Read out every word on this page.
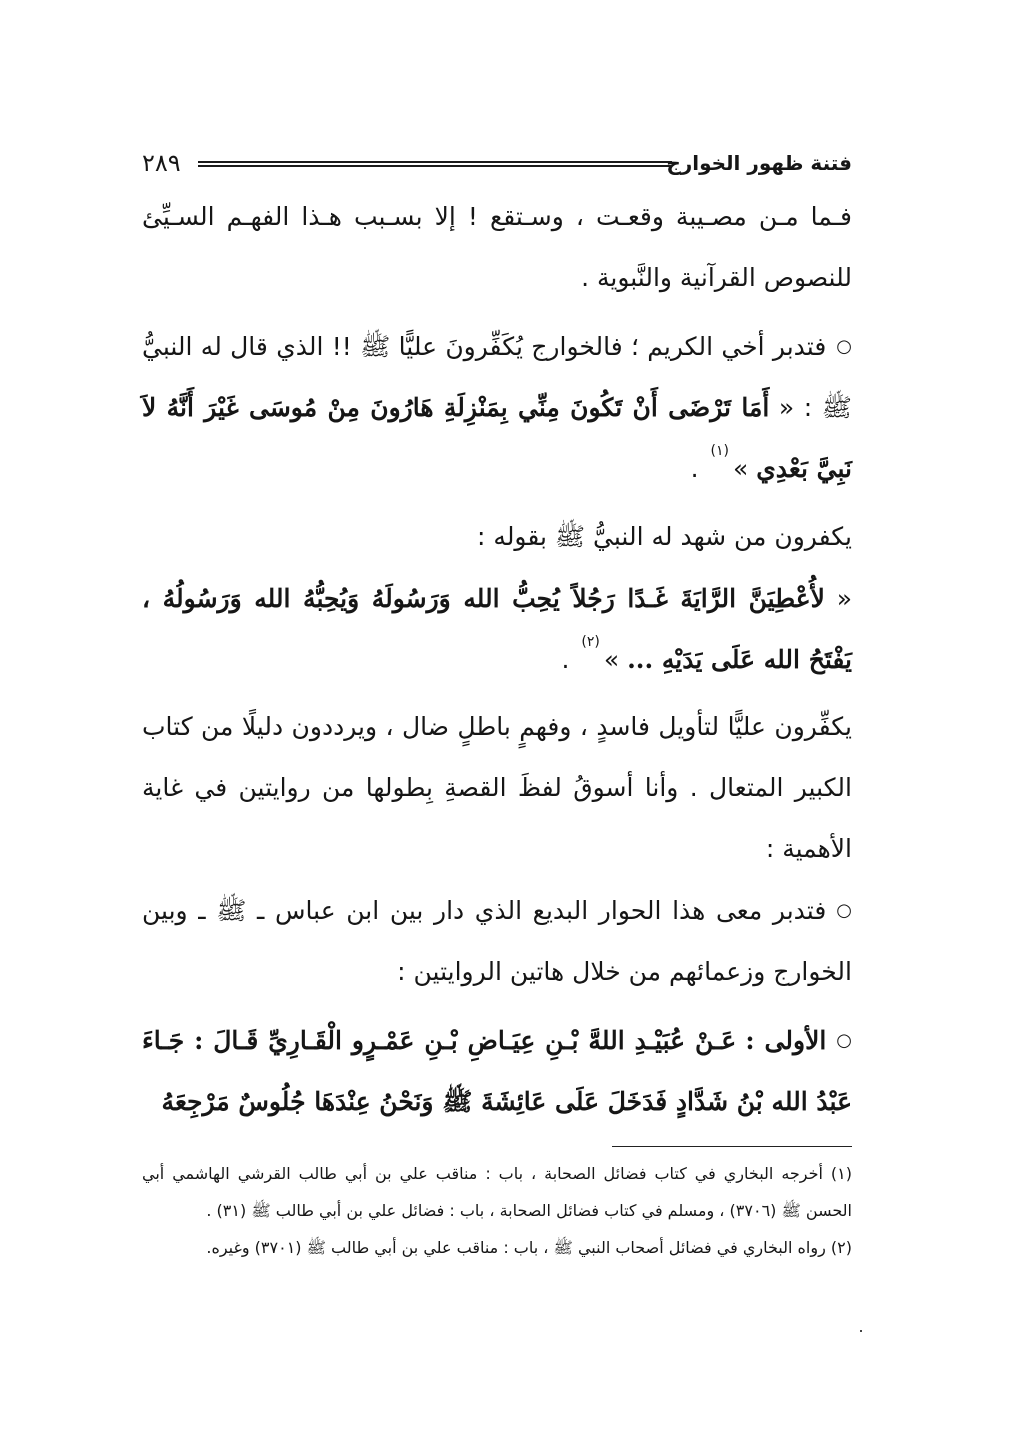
فتنة ظهور الخوارج
٢٨٩

فـما مـن مصـيبة وقعـت ، وسـتقع ! إلا بسـبب هـذا الفهـم السـيِّئ للنصوص القرآنية والنَّبوية .

○فتدبر أخي الكريم ؛ فالخوارج يُكَفِّرونَ عليًّا ﷺ !! الذي قال له النبيُّ ﷺ : « أَمَا تَرْضَى أَنْ تَكُونَ مِنِّي بِمَنْزِلَةِ هَارُونَ مِنْ مُوسَى غَيْرَ أَنَّهُ لاَ نَبِيَّ بَعْدِي »$^{(١)}$ .

يكفرون من شهد له النبيُّ ﷺ بقوله :

« لأُعْطِيَنَّ الرَّايَةَ غَـدًا رَجُلاً يُحِبُّ الله وَرَسُولَهُ وَيُحِبُّهُ الله وَرَسُولُهُ ، يَفْتَحُ الله عَلَى يَدَيْهِ ... »$^{(٢)}$ .

يكفِّرون عليًّا لتأويل فاسدٍ ، وفهمٍ باطلٍ ضال ، ويرددون دليلًا من كتاب الكبير المتعال . وأنا أسوقُ لفظَ القصةِ بِطولها من روايتين في غاية الأهمية :

○فتدبر معى هذا الحوار البديع الذي دار بين ابن عباس ـ ﷺ ـ وبين الخوارج وزعمائهم من خلال هاتين الروايتين :

○الأولى : عَـنْ عُبَيْـدِ اللهَّ بْـنِ عِيَـاضِ بْـنِ عَمْـرٍو الْقَـارِيِّ قَـالَ : جَـاءَ عَبْدُ الله بْنُ شَدَّادٍ فَدَخَلَ عَلَى عَائِشَةَ ﷺ وَنَحْنُ عِنْدَهَا جُلُوسٌ مَرْجِعَهُ

(١) أخرجه البخاري في كتاب فضائل الصحابة ، باب : مناقب علي بن أبي طالب القرشي الهاشمي أبي الحسن ﷺ (٣٧٠٦) ، ومسلم في كتاب فضائل الصحابة ، باب : فضائل علي بن أبي طالب ﷺ (٣١) .

(٢) رواه البخاري في فضائل أصحاب النبي ﷺ ، باب : مناقب علي بن أبي طالب ﷺ (٣٧٠١) وغيره.
